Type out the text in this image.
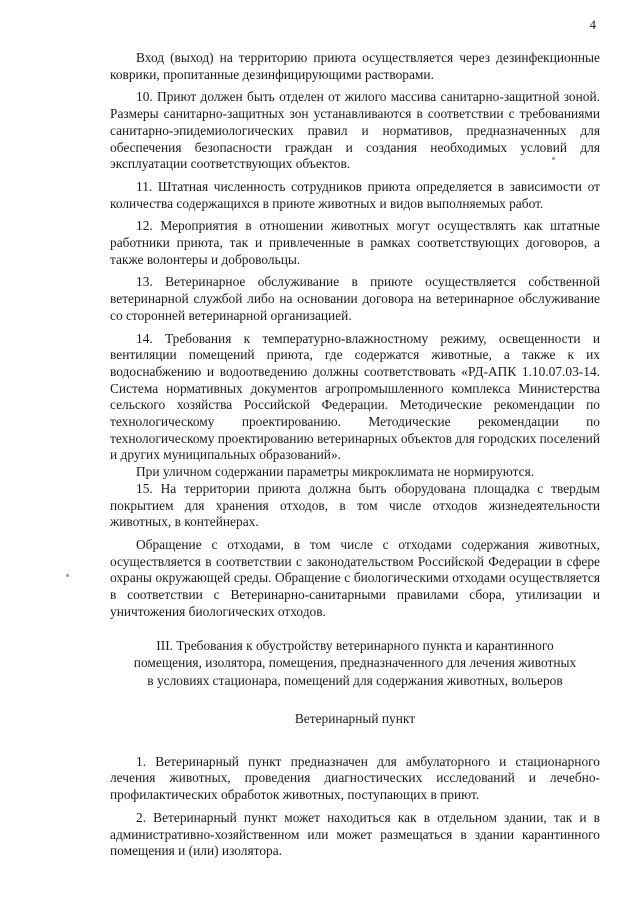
4

Вход (выход) на территорию приюта осуществляется через дезинфекционные коврики, пропитанные дезинфицирующими растворами.

10. Приют должен быть отделен от жилого массива санитарно-защитной зоной. Размеры санитарно-защитных зон устанавливаются в соответствии с требованиями санитарно-эпидемиологических правил и нормативов, предназначенных для обеспечения безопасности граждан и создания необходимых условий для эксплуатации соответствующих объектов.

11. Штатная численность сотрудников приюта определяется в зависимости от количества содержащихся в приюте животных и видов выполняемых работ.

12. Мероприятия в отношении животных могут осуществлять как штатные работники приюта, так и привлеченные в рамках соответствующих договоров, а также волонтеры и добровольцы.

13. Ветеринарное обслуживание в приюте осуществляется собственной ветеринарной службой либо на основании договора на ветеринарное обслуживание со сторонней ветеринарной организацией.

14. Требования к температурно-влажностному режиму, освещенности и вентиляции помещений приюта, где содержатся животные, а также к их водоснабжению и водоотведению должны соответствовать «РД-АПК 1.10.07.03-14. Система нормативных документов агропромышленного комплекса Министерства сельского хозяйства Российской Федерации. Методические рекомендации по технологическому проектированию. Методические рекомендации по технологическому проектированию ветеринарных объектов для городских поселений и других муниципальных образований».

При уличном содержании параметры микроклимата не нормируются.

15. На территории приюта должна быть оборудована площадка с твердым покрытием для хранения отходов, в том числе отходов жизнедеятельности животных, в контейнерах.

Обращение с отходами, в том числе с отходами содержания животных, осуществляется в соответствии с законодательством Российской Федерации в сфере охраны окружающей среды. Обращение с биологическими отходами осуществляется в соответствии с Ветеринарно-санитарными правилами сбора, утилизации и уничтожения биологических отходов.

III. Требования к обустройству ветеринарного пункта и карантинного
помещения, изолятора, помещения, предназначенного для лечения животных
в условиях стационара, помещений для содержания животных, вольеров
Ветеринарный пункт

1. Ветеринарный пункт предназначен для амбулаторного и стационарного лечения животных, проведения диагностических исследований и лечебно-профилактических обработок животных, поступающих в приют.

2. Ветеринарный пункт может находиться как в отдельном здании, так и в административно-хозяйственном или может размещаться в здании карантинного помещения и (или) изолятора.
